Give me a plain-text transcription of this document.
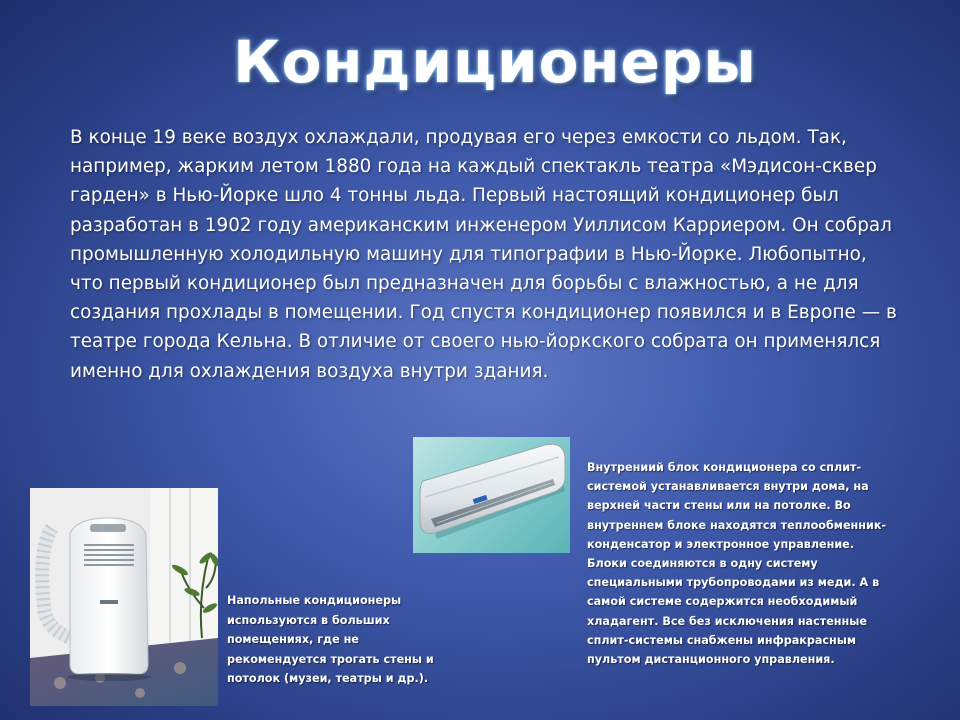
Кондиционеры
В конце 19 веке воздух охлаждали, продувая его через емкости со льдом. Так, например, жарким летом 1880 года на каждый спектакль театра «Мэдисон-сквер гарден» в Нью-Йорке шло 4 тонны льда. Первый настоящий кондиционер был разработан в 1902 году американским инженером Уиллисом Карриером. Он собрал промышленную холодильную машину для типографии в Нью-Йорке. Любопытно, что первый кондиционер был предназначен для борьбы с влажностью, а не для создания прохлады в помещении. Год спустя кондиционер появился и в Европе — в театре города Кельна. В отличие от своего нью-йоркского собрата он применялся именно для охлаждения воздуха внутри здания.
Внутрениий блок кондиционера со сплит-системой устанавливается внутри дома, на верхней части стены или на потолке. Во внутреннем блоке находятся теплообменник-конденсатор и электронное управление. Блоки соединяются в одну систему специальными трубопроводами из меди. А в самой системе содержится необходимый хладагент. Все без исключения настенные сплит-системы снабжены инфракрасным пультом дистанционного управления.
Напольные кондиционеры используются в больших помещениях, где не рекомендуется трогать стены и потолок (музеи, театры и др.).
